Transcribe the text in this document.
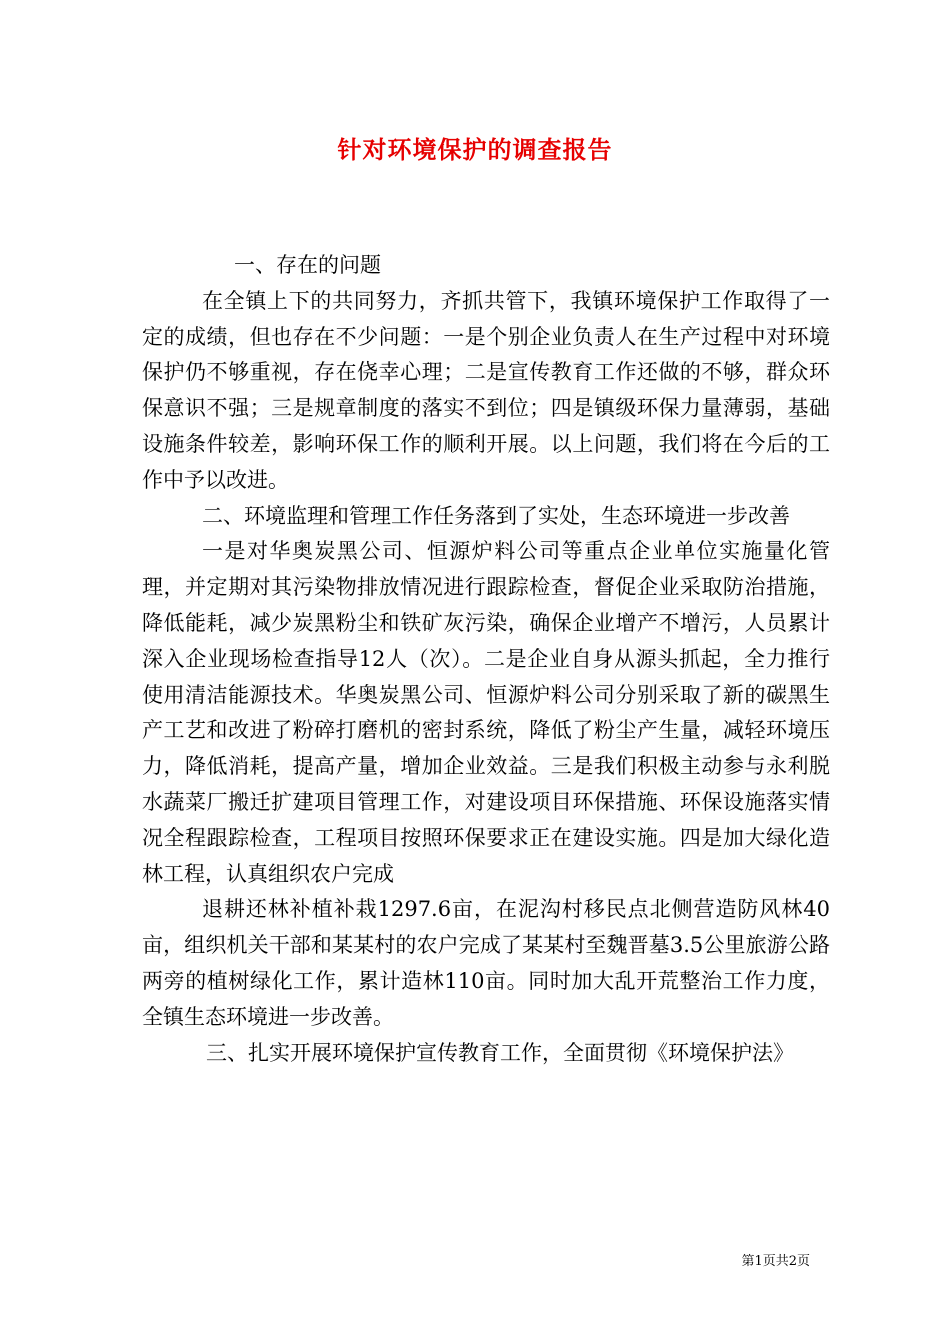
针对环境保护的调查报告

一、存在的问题

在全镇上下的共同努力，齐抓共管下，我镇环境保护工作取得了一定的成绩，但也存在不少问题：一是个别企业负责人在生产过程中对环境保护仍不够重视，存在侥幸心理；二是宣传教育工作还做的不够，群众环保意识不强；三是规章制度的落实不到位；四是镇级环保力量薄弱，基础设施条件较差，影响环保工作的顺利开展。以上问题，我们将在今后的工作中予以改进。

二、环境监理和管理工作任务落到了实处，生态环境进一步改善

一是对华奥炭黑公司、恒源炉料公司等重点企业单位实施量化管理，并定期对其污染物排放情况进行跟踪检查，督促企业采取防治措施，降低能耗，减少炭黑粉尘和铁矿灰污染，确保企业增产不增污，人员累计深入企业现场检查指导12人（次）。二是企业自身从源头抓起，全力推行使用清洁能源技术。华奥炭黑公司、恒源炉料公司分别采取了新的碳黑生产工艺和改进了粉碎打磨机的密封系统，降低了粉尘产生量，减轻环境压力，降低消耗，提高产量，增加企业效益。三是我们积极主动参与永利脱水蔬菜厂搬迁扩建项目管理工作，对建设项目环保措施、环保设施落实情况全程跟踪检查，工程项目按照环保要求正在建设实施。四是加大绿化造林工程，认真组织农户完成

退耕还林补植补栽1297.6亩，在泥沟村移民点北侧营造防风林40亩，组织机关干部和某某村的农户完成了某某村至魏晋墓3.5公里旅游公路两旁的植树绿化工作，累计造林110亩。同时加大乱开荒整治工作力度，全镇生态环境进一步改善。

三、扎实开展环境保护宣传教育工作，全面贯彻《环境保护法》

第1页共2页
